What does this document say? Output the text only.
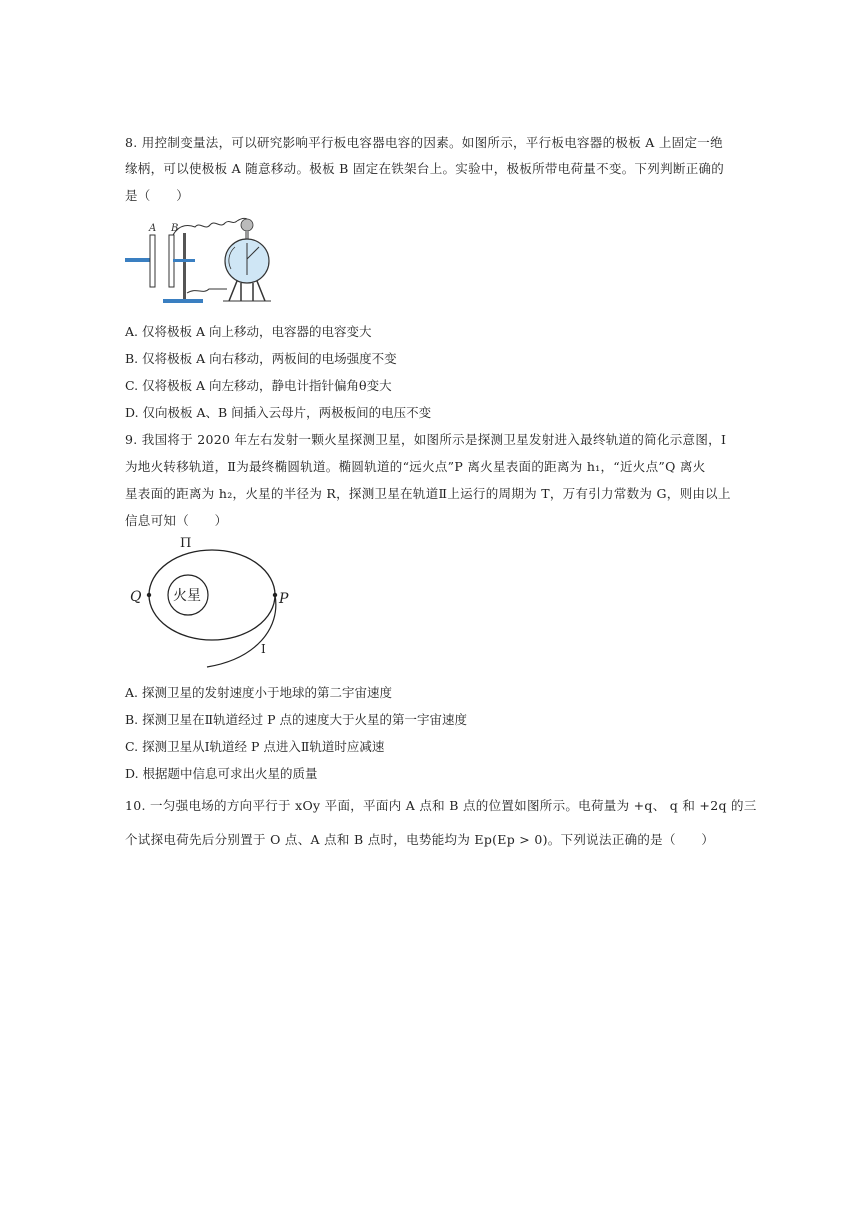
8. 用控制变量法，可以研究影响平行板电容器电容的因素。如图所示，平行板电容器的极板 A 上固定一绝
缘柄，可以使极板 A 随意移动。极板 B 固定在铁架台上。实验中，极板所带电荷量不变。下列判断正确的
是（　　）
A B
A. 仅将极板 A 向上移动，电容器的电容变大
B. 仅将极板 A 向右移动，两板间的电场强度不变
C. 仅将极板 A 向左移动，静电计指针偏角θ变大
D. 仅向极板 A、B 间插入云母片，两极板间的电压不变
9. 我国将于 2020 年左右发射一颗火星探测卫星，如图所示是探测卫星发射进入最终轨道的简化示意图，Ⅰ
为地火转移轨道，Ⅱ为最终椭圆轨道。椭圆轨道的“远火点”P 离火星表面的距离为 h₁，“近火点”Q 离火
星表面的距离为 h₂，火星的半径为 R，探测卫星在轨道Ⅱ上运行的周期为 T，万有引力常数为 G，则由以上
信息可知（　　）
Π
火星
Q	P
Ⅰ
A. 探测卫星的发射速度小于地球的第二宇宙速度
B. 探测卫星在Ⅱ轨道经过 P 点的速度大于火星的第一宇宙速度
C. 探测卫星从Ⅰ轨道经 P 点进入Ⅱ轨道时应减速
D. 根据题中信息可求出火星的质量
10. 一匀强电场的方向平行于 xOy 平面，平面内 A 点和 B 点的位置如图所示。电荷量为 +q、 q 和 +2q 的三
个试探电荷先后分别置于 O 点、A 点和 B 点时，电势能均为 Ep(Ep > 0)。下列说法正确的是（　　）
